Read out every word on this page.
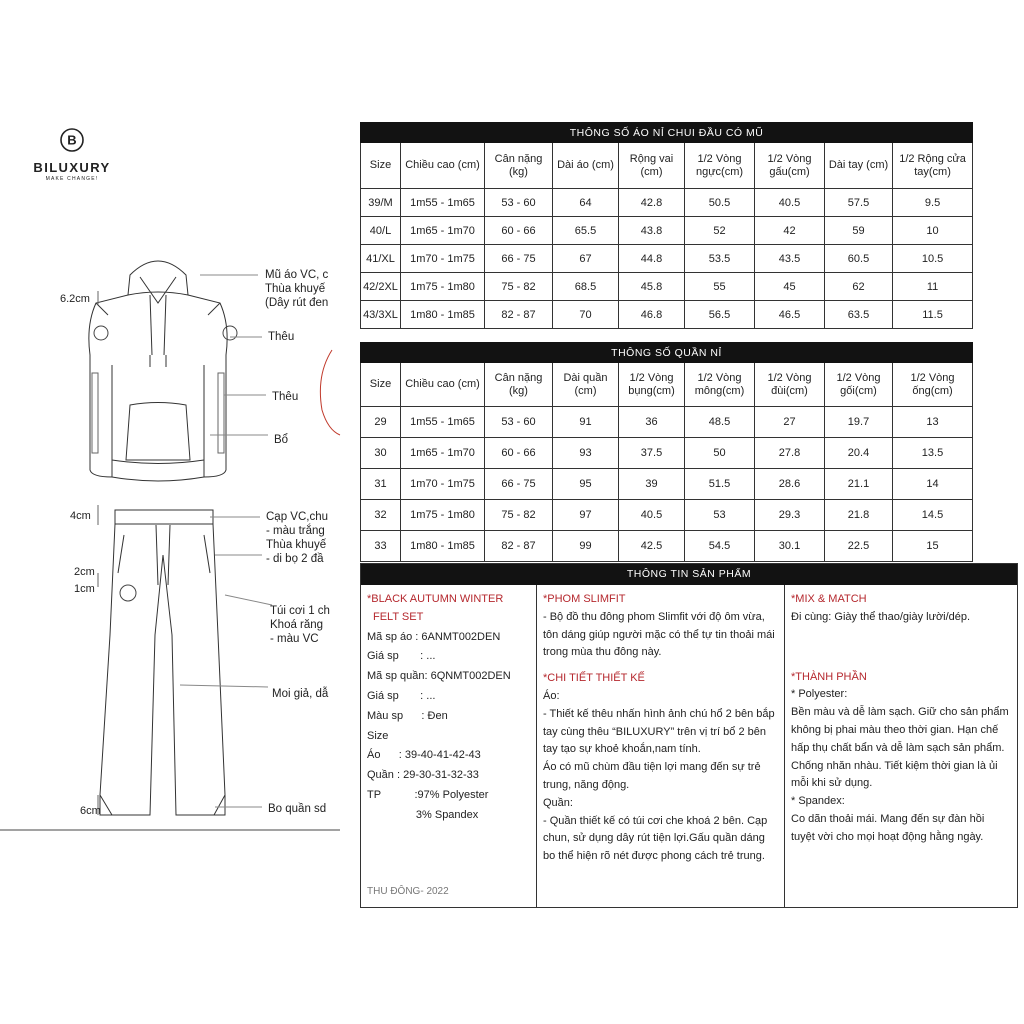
B
BILUXURY
MAKE CHANGE!
6.2cm
4cm
2cm
1cm
6cm
Mũ áo VC, c
Thùa khuyế
(Dây rút đen
Thêu
Thêu
Bổ
Cạp VC,chu
- màu trắng
Thùa khuyế
- di bọ 2 đầ
Túi cơi 1 ch
Khoá răng
- màu VC
Moi giả, dẫ
Bo quần sd
THÔNG SỐ ÁO NỈ CHUI ĐẦU CÓ MŨ								
Size	Chiều cao (cm)	Cân nặng (kg)	Dài áo (cm)	Rộng vai (cm)	1/2 Vòng ngực(cm)	1/2 Vòng gấu(cm)	Dài tay (cm)	1/2 Rộng cửa tay(cm)
39/M	1m55 - 1m65	53 - 60	64	42.8	50.5	40.5	57.5	9.5
40/L	1m65 - 1m70	60 - 66	65.5	43.8	52	42	59	10
41/XL	1m70 - 1m75	66 - 75	67	44.8	53.5	43.5	60.5	10.5
42/2XL	1m75 - 1m80	75 - 82	68.5	45.8	55	45	62	11
43/3XL	1m80 - 1m85	82 - 87	70	46.8	56.5	46.5	63.5	11.5
THÔNG SỐ QUẦN NỈ								
Size	Chiều cao (cm)	Cân nặng (kg)	Dài quần (cm)	1/2 Vòng bụng(cm)	1/2 Vòng mông(cm)	1/2 Vòng đùi(cm)	1/2 Vòng gối(cm)	1/2 Vòng ống(cm)
29	1m55 - 1m65	53 - 60	91	36	48.5	27	19.7	13
30	1m65 - 1m70	60 - 66	93	37.5	50	27.8	20.4	13.5
31	1m70 - 1m75	66 - 75	95	39	51.5	28.6	21.1	14
32	1m75 - 1m80	75 - 82	97	40.5	53	29.3	21.8	14.5
33	1m80 - 1m85	82 - 87	99	42.5	54.5	30.1	22.5	15
THÔNG TIN SẢN PHẨM
*BLACK AUTUMN WINTER
FELT SET
Mã sp áo : 6ANMT002DEN
Giá sp       : ...
Mã sp quần: 6QNMT002DEN
Giá sp       : ...
Màu sp      : Đen
Size
Áo      : 39-40-41-42-43
Quần : 29-30-31-32-33
TP           :97% Polyester
3% Spandex
THU ĐÔNG- 2022
*PHOM SLIMFIT
- Bộ đồ thu đông phom Slimfit với độ ôm vừa, tôn dáng giúp người mặc có thể tự tin thoải mái trong mùa thu đông này.
*CHI TIẾT THIẾT KẾ
Áo:
- Thiết kế thêu nhấn hình ảnh chú hổ 2 bên bắp tay cùng thêu “BILUXURY” trên vị trí bổ 2 bên tay tạo sự khoẻ khoắn,nam tính.
Áo có mũ chùm đầu tiện lợi mang đến sự trẻ trung, năng động.
Quần:
- Quần thiết kế có túi cơi che khoá 2 bên. Cạp chun, sử dụng dây rút tiện lợi.Gấu quần dáng bo thể hiện rõ nét được phong cách trẻ trung.
*MIX & MATCH
Đi cùng: Giày thể thao/giày lười/dép.
*THÀNH PHẦN
* Polyester:
Bền màu và dễ làm sạch. Giữ cho sản phẩm không bị phai màu theo thời gian. Hạn chế hấp thụ chất bẩn và dễ làm sạch sản phẩm. Chống nhăn nhàu. Tiết kiệm thời gian là ủi mỗi khi sử dụng.
* Spandex:
Co dãn thoải mái. Mang đến sự đàn hồi tuyệt vời cho mọi hoạt động hằng ngày.
